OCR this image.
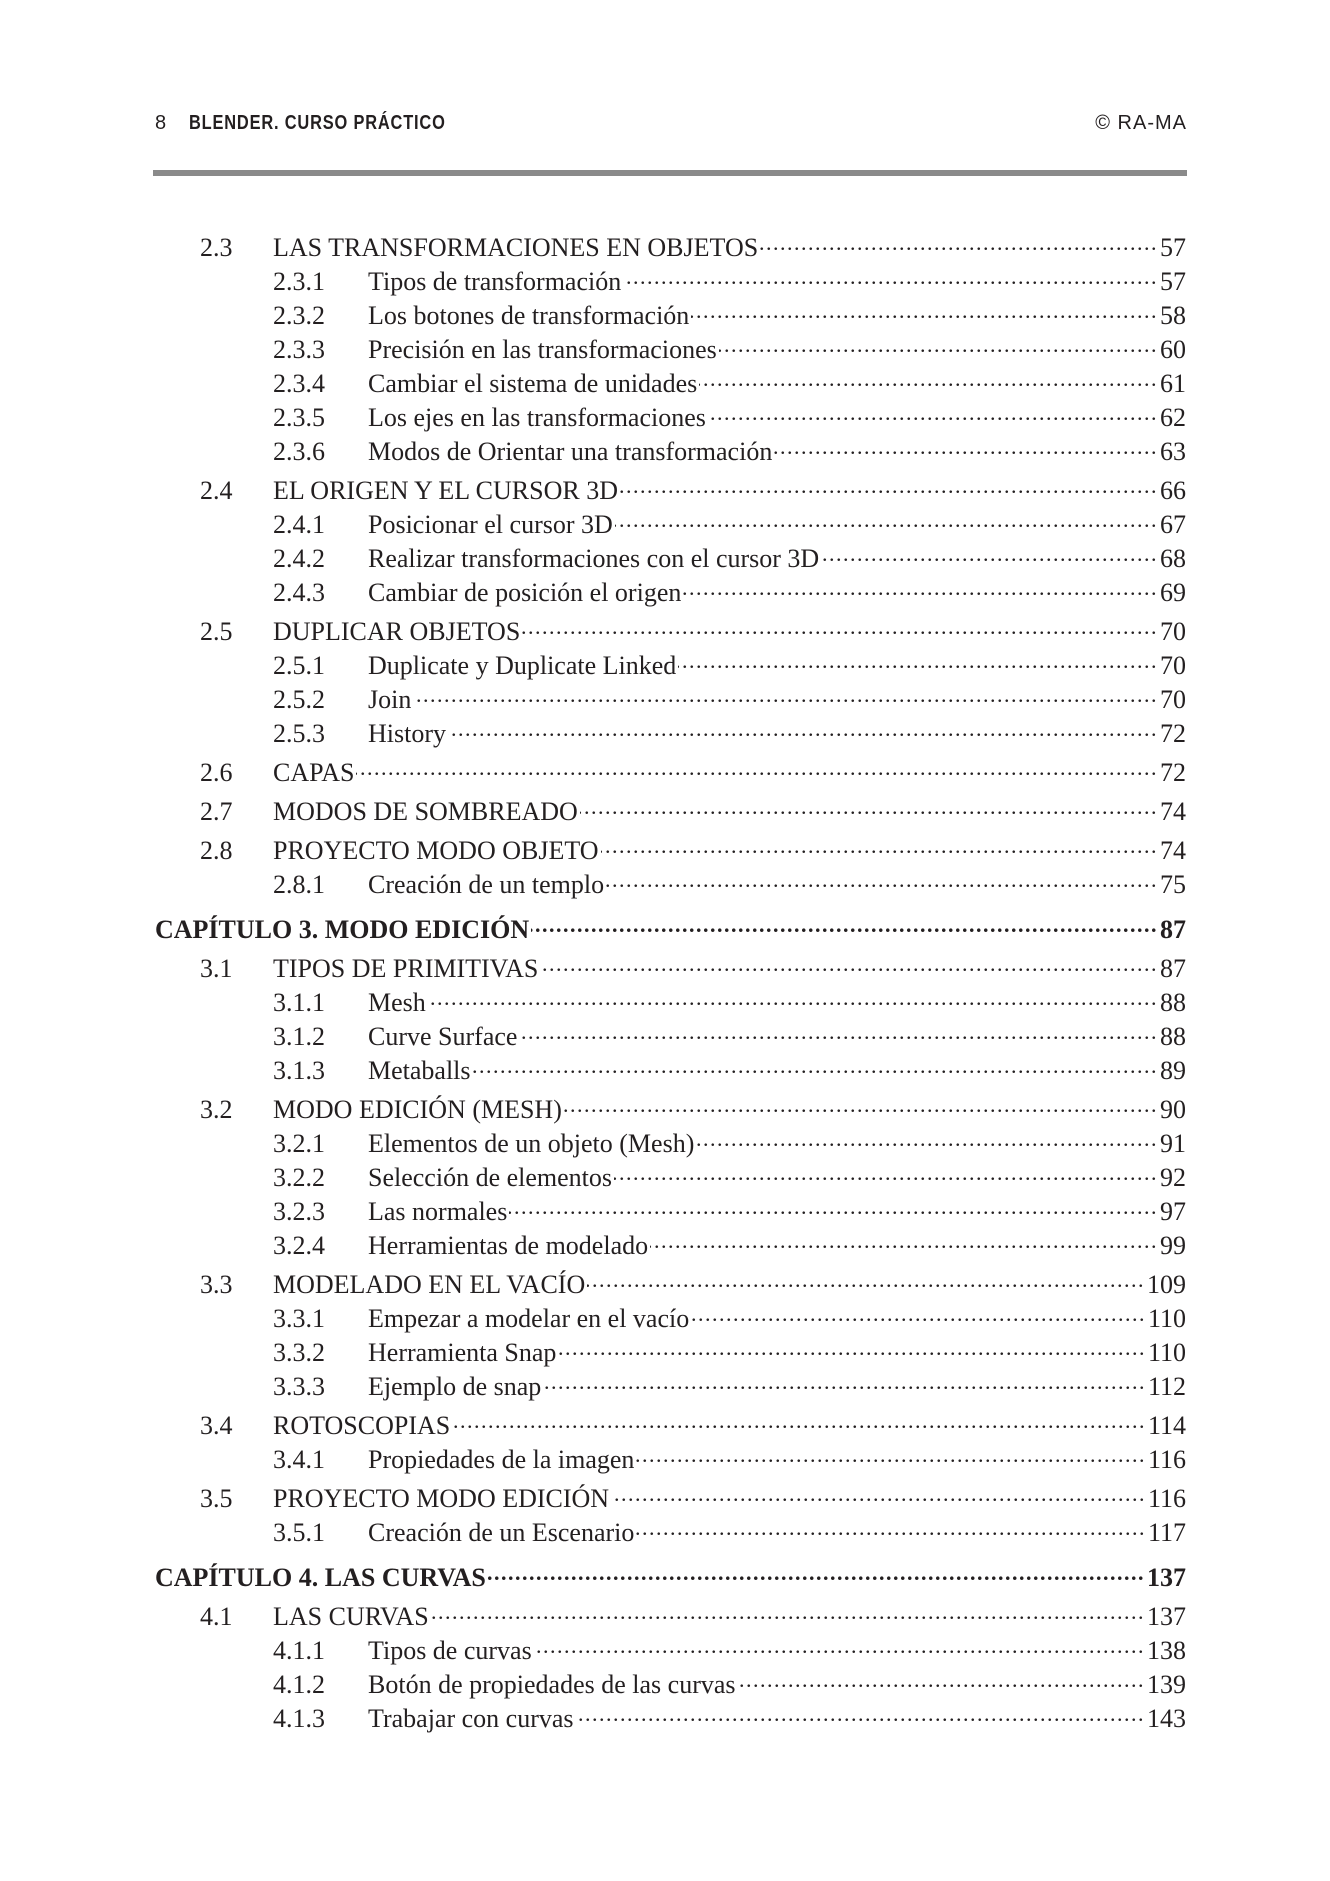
8 BLENDER. CURSO PRÁCTICO	© RA-MA
2.3	LAS TRANSFORMACIONES EN OBJETOS .....	57
2.3.1	Tipos de transformación .....	57
2.3.2	Los botones de transformación .....	58
2.3.3	Precisión en las transformaciones .....	60
2.3.4	Cambiar el sistema de unidades .....	61
2.3.5	Los ejes en las transformaciones .....	62
2.3.6	Modos de Orientar una transformación .....	63
2.4	EL ORIGEN Y EL CURSOR 3D .....	66
2.4.1	Posicionar el cursor 3D .....	67
2.4.2	Realizar transformaciones con el cursor 3D .....	68
2.4.3	Cambiar de posición el origen .....	69
2.5	DUPLICAR OBJETOS .....	70
2.5.1	Duplicate y Duplicate Linked .....	70
2.5.2	Join .....	70
2.5.3	History .....	72
2.6	CAPAS .....	72
2.7	MODOS DE SOMBREADO .....	74
2.8	PROYECTO MODO OBJETO .....	74
2.8.1	Creación de un templo .....	75
CAPÍTULO 3. MODO EDICIÓN .....	87
3.1	TIPOS DE PRIMITIVAS .....	87
3.1.1	Mesh .....	88
3.1.2	Curve Surface .....	88
3.1.3	Metaballs .....	89
3.2	MODO EDICIÓN (MESH) .....	90
3.2.1	Elementos de un objeto (Mesh) .....	91
3.2.2	Selección de elementos .....	92
3.2.3	Las normales .....	97
3.2.4	Herramientas de modelado .....	99
3.3	MODELADO EN EL VACÍO .....	109
3.3.1	Empezar a modelar en el vacío .....	110
3.3.2	Herramienta Snap .....	110
3.3.3	Ejemplo de snap .....	112
3.4	ROTOSCOPIAS .....	114
3.4.1	Propiedades de la imagen .....	116
3.5	PROYECTO MODO EDICIÓN .....	116
3.5.1	Creación de un Escenario .....	117
CAPÍTULO 4. LAS CURVAS .....	137
4.1	LAS CURVAS .....	137
4.1.1	Tipos de curvas .....	138
4.1.2	Botón de propiedades de las curvas .....	139
4.1.3	Trabajar con curvas .....	143
